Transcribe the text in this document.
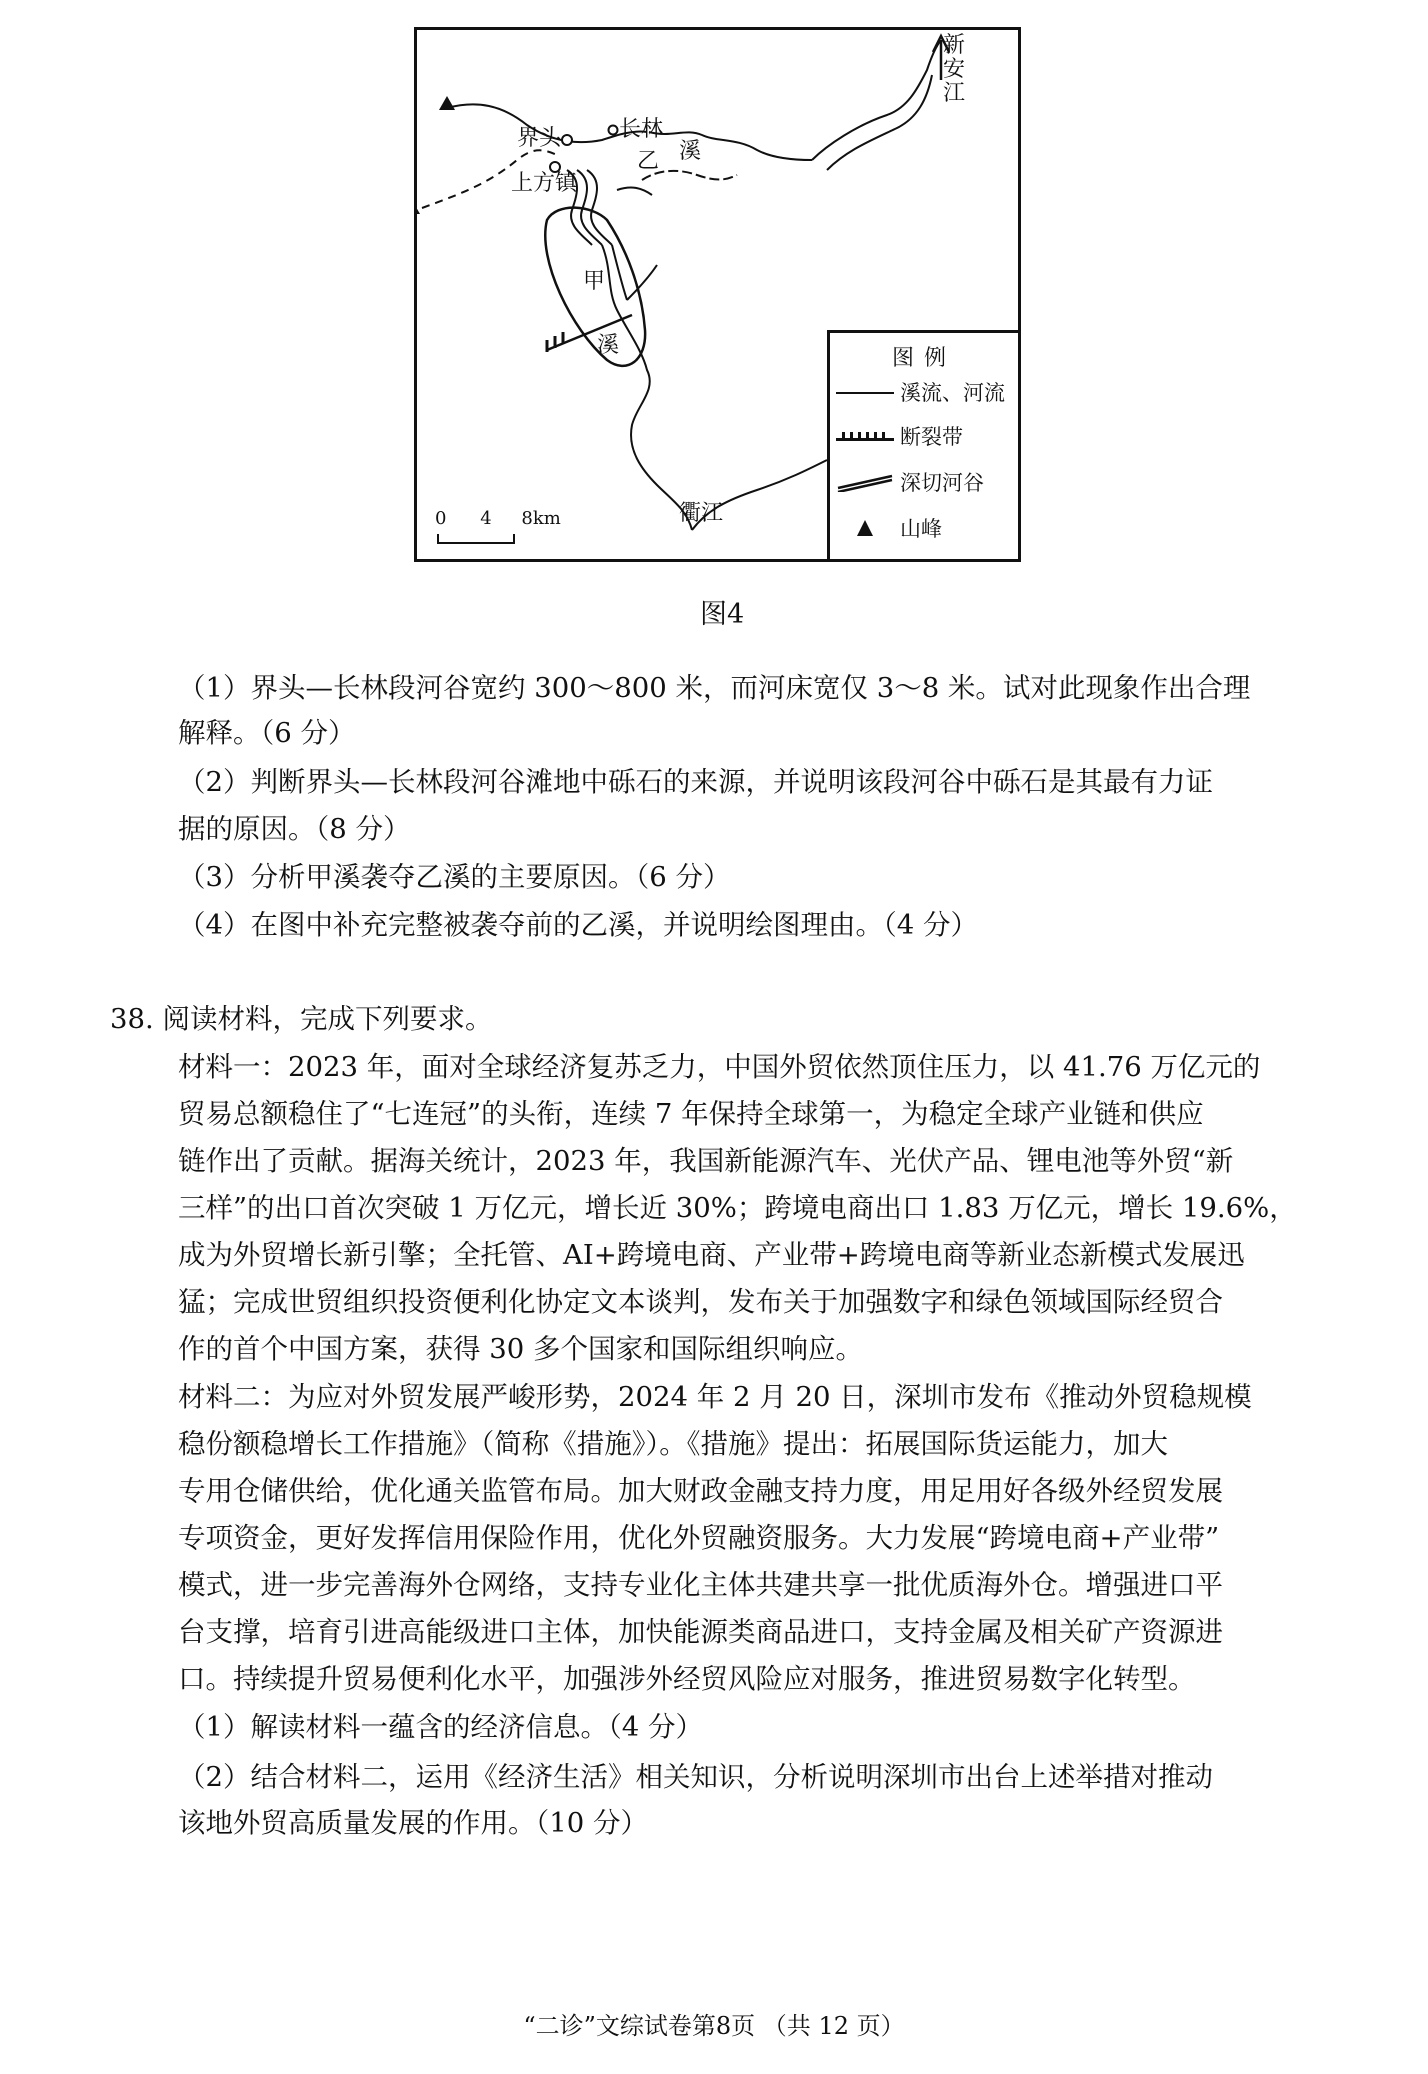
新
安
江
界头	长林
乙 溪
上方镇
甲
溪
衢江
0 4 8km
图例
溪流、河流
断裂带
深切河谷
山峰
图4
（1）界头—长林段河谷宽约 300～800 米，而河床宽仅 3～8 米。试对此现象作出合理
解释。（6 分）
（2）判断界头—长林段河谷滩地中砾石的来源，并说明该段河谷中砾石是其最有力证
据的原因。（8 分）
（3）分析甲溪袭夺乙溪的主要原因。（6 分）
（4）在图中补充完整被袭夺前的乙溪，并说明绘图理由。（4 分）
38. 阅读材料，完成下列要求。
材料一：2023 年，面对全球经济复苏乏力，中国外贸依然顶住压力，以 41.76 万亿元的
贸易总额稳住了“七连冠”的头衔，连续 7 年保持全球第一，为稳定全球产业链和供应
链作出了贡献。据海关统计，2023 年，我国新能源汽车、光伏产品、锂电池等外贸“新
三样”的出口首次突破 1 万亿元，增长近 30%；跨境电商出口 1.83 万亿元，增长 19.6%，
成为外贸增长新引擎；全托管、AI+跨境电商、产业带+跨境电商等新业态新模式发展迅
猛；完成世贸组织投资便利化协定文本谈判，发布关于加强数字和绿色领域国际经贸合
作的首个中国方案，获得 30 多个国家和国际组织响应。
材料二：为应对外贸发展严峻形势，2024 年 2 月 20 日，深圳市发布《推动外贸稳规模
稳份额稳增长工作措施》（简称《措施》）。《措施》提出：拓展国际货运能力，加大
专用仓储供给，优化通关监管布局。加大财政金融支持力度，用足用好各级外经贸发展
专项资金，更好发挥信用保险作用，优化外贸融资服务。大力发展“跨境电商+产业带”
模式，进一步完善海外仓网络，支持专业化主体共建共享一批优质海外仓。增强进口平
台支撑，培育引进高能级进口主体，加快能源类商品进口，支持金属及相关矿产资源进
口。持续提升贸易便利化水平，加强涉外经贸风险应对服务，推进贸易数字化转型。
（1）解读材料一蕴含的经济信息。（4 分）
（2）结合材料二，运用《经济生活》相关知识，分析说明深圳市出台上述举措对推动
该地外贸高质量发展的作用。（10 分）
“二诊”文综试卷第8页 （共 12 页）
